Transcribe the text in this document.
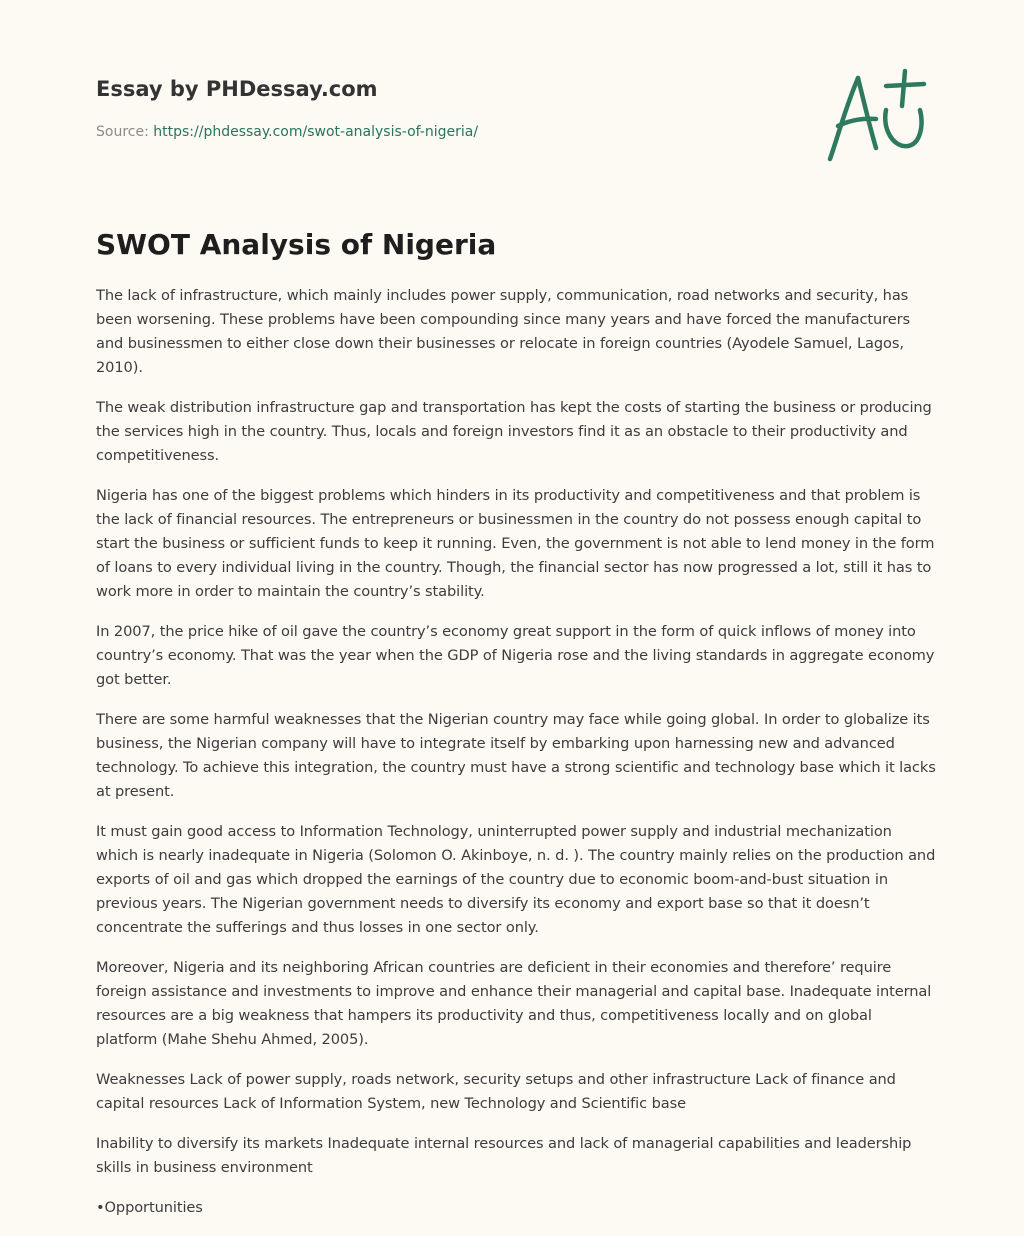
Essay by PHDessay.com

Source: https://phdessay.com/swot-analysis-of-nigeria/
SWOT Analysis of Nigeria

The lack of infrastructure, which mainly includes power supply, communication, road networks and security, has been worsening. These problems have been compounding since many years and have forced the manufacturers and businessmen to either close down their businesses or relocate in foreign countries (Ayodele Samuel, Lagos, 2010).

The weak distribution infrastructure gap and transportation has kept the costs of starting the business or producing the services high in the country. Thus, locals and foreign investors find it as an obstacle to their productivity and competitiveness.

Nigeria has one of the biggest problems which hinders in its productivity and competitiveness and that problem is the lack of financial resources. The entrepreneurs or businessmen in the country do not possess enough capital to start the business or sufficient funds to keep it running. Even, the government is not able to lend money in the form of loans to every individual living in the country. Though, the financial sector has now progressed a lot, still it has to work more in order to maintain the country’s stability.

In 2007, the price hike of oil gave the country’s economy great support in the form of quick inflows of money into country’s economy. That was the year when the GDP of Nigeria rose and the living standards in aggregate economy got better.

There are some harmful weaknesses that the Nigerian country may face while going global. In order to globalize its business, the Nigerian company will have to integrate itself by embarking upon harnessing new and advanced technology. To achieve this integration, the country must have a strong scientific and technology base which it lacks at present.

It must gain good access to Information Technology, uninterrupted power supply and industrial mechanization which is nearly inadequate in Nigeria (Solomon O. Akinboye, n. d. ). The country mainly relies on the production and exports of oil and gas which dropped the earnings of the country due to economic boom-and-bust situation in previous years. The Nigerian government needs to diversify its economy and export base so that it doesn’t concentrate the sufferings and thus losses in one sector only.

Moreover, Nigeria and its neighboring African countries are deficient in their economies and therefore’ require foreign assistance and investments to improve and enhance their managerial and capital base. Inadequate internal resources are a big weakness that hampers its productivity and thus, competitiveness locally and on global platform (Mahe Shehu Ahmed, 2005).

Weaknesses Lack of power supply, roads network, security setups and other infrastructure Lack of finance and capital resources Lack of Information System, new Technology and Scientific base

Inability to diversify its markets Inadequate internal resources and lack of managerial capabilities and leadership skills in business environment

• Opportunities
